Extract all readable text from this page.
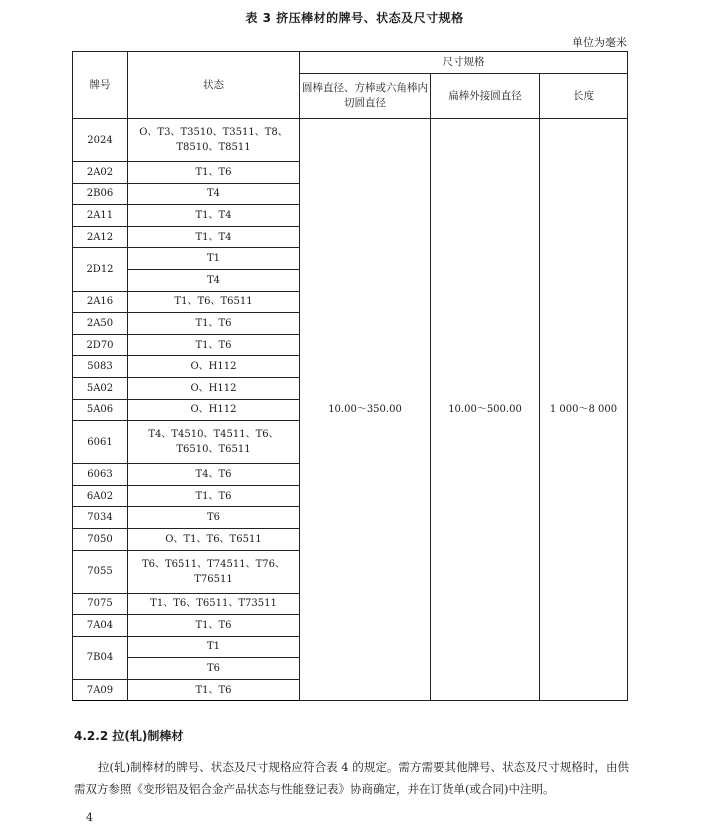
表 3 挤压棒材的牌号、状态及尺寸规格
单位为毫米
牌号	状态	尺寸规格		
		圆棒直径、方棒或六角棒内切圆直径	扁棒外接圆直径	长度
2024	O、T3、T3510、T3511、T8、T8510、T8511	10.00～350.00	10.00～500.00	1 000～8 000
2A02	T1、T6			
2B06	T4			
2A11	T1、T4			
2A12	T1、T4			
2D12	T1			
	T4			
2A16	T1、T6、T6511			
2A50	T1、T6			
2D70	T1、T6			
5083	O、H112			
5A02	O、H112			
5A06	O、H112			
6061	T4、T4510、T4511、T6、T6510、T6511			
6063	T4、T6			
6A02	T1、T6			
7034	T6			
7050	O、T1、T6、T6511			
7055	T6、T6511、T74511、T76、T76511			
7075	T1、T6、T6511、T73511			
7A04	T1、T6			
7B04	T1			
	T6			
7A09	T1、T6			
4.2.2 拉(轧)制棒材
拉(轧)制棒材的牌号、状态及尺寸规格应符合表 4 的规定。需方需要其他牌号、状态及尺寸规格时，由供需双方参照《变形铝及铝合金产品状态与性能登记表》协商确定，并在订货单(或合同)中注明。
4
